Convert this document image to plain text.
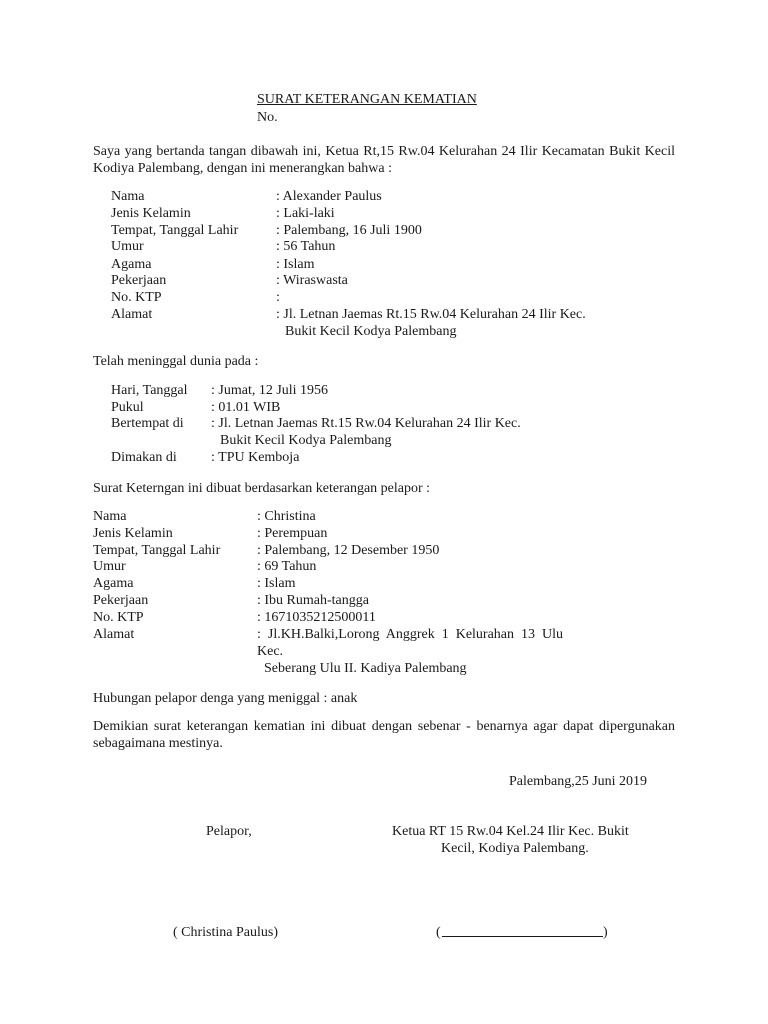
SURAT KETERANGAN KEMATIAN
No.
Saya yang bertanda tangan dibawah ini, Ketua Rt,15 Rw.04 Kelurahan 24 Ilir Kecamatan Bukit Kecil Kodiya Palembang, dengan ini menerangkan bahwa :
Nama	: Alexander Paulus
Jenis Kelamin	: Laki-laki
Tempat, Tanggal Lahir	: Palembang, 16 Juli 1900
Umur	: 56 Tahun
Agama	: Islam
Pekerjaan	: Wiraswasta
No. KTP	:
Alamat	: Jl. Letnan Jaemas Rt.15 Rw.04 Kelurahan 24 Ilir Kec.
Bukit Kecil Kodya Palembang
Telah meninggal dunia pada :
Hari, Tanggal : Jumat, 12 Juli 1956
Pukul	: 01.01 WIB
Bertempat di : Jl. Letnan Jaemas Rt.15 Rw.04 Kelurahan 24 Ilir Kec.
Bukit Kecil Kodya Palembang
Dimakan di : TPU Kemboja
Surat Keterngan ini dibuat berdasarkan keterangan pelapor :
Nama	: Christina
Jenis Kelamin	: Perempuan
Tempat, Tanggal Lahir	: Palembang, 12 Desember 1950
Umur	: 69 Tahun
Agama	: Islam
Pekerjaan	: Ibu Rumah-tangga
No. KTP	: 1671035212500011
Alamat	:  Jl.KH.Balki,Lorong  Anggrek  1  Kelurahan  13  Ulu
Kec.
Seberang Ulu II. Kadiya Palembang
Hubungan pelapor denga yang meniggal : anak
Demikian surat keterangan kematian ini dibuat dengan sebenar - benarnya agar dapat dipergunakan sebagaimana mestinya.
Palembang,25 Juni 2019
Pelapor,	Ketua RT 15 Rw.04 Kel.24 Ilir Kec. Bukit
Kecil, Kodiya Palembang.
( Christina Paulus)	(	)
